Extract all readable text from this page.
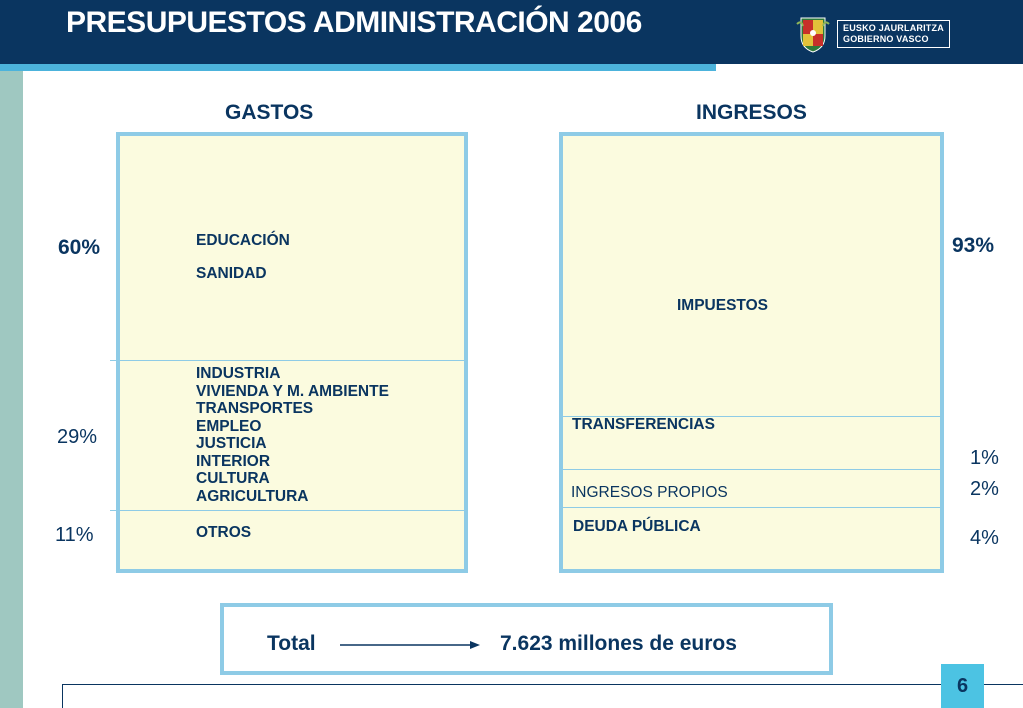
PRESUPUESTOS ADMINISTRACIÓN 2006	EUSKO JAURLARITZA
GOBIERNO VASCO
GASTOS
EDUCACIÓN
SANIDAD
INDUSTRIA
VIVIENDA Y M. AMBIENTE
TRANSPORTES
EMPLEO
JUSTICIA
INTERIOR
CULTURA
AGRICULTURA
OTROS
60%
29%
11%
INGRESOS
IMPUESTOS
TRANSFERENCIAS
INGRESOS PROPIOS
DEUDA PÚBLICA
93%
1%
2%
4%
Total	7.623 millones de euros
6
